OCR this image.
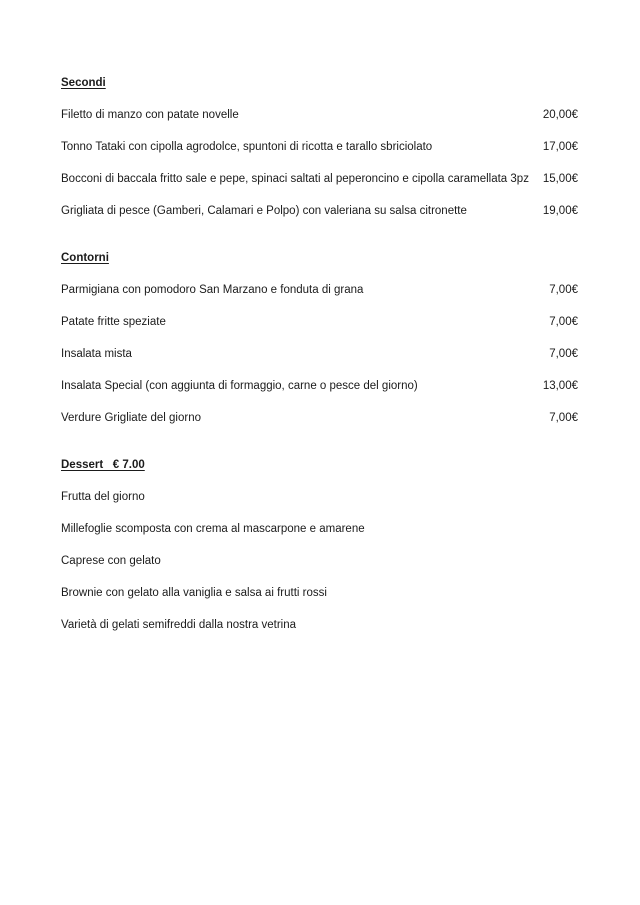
Secondi
Filetto di manzo con patate novelle	20,00€
Tonno Tataki con cipolla agrodolce, spuntoni di ricotta e tarallo sbriciolato	17,00€
Bocconi di baccala fritto sale e pepe, spinaci saltati al peperoncino e cipolla caramellata 3pz 15,00€
Grigliata di pesce (Gamberi, Calamari e Polpo) con valeriana su salsa citronette	19,00€
Contorni
Parmigiana con pomodoro San Marzano e fonduta di grana	7,00€
Patate fritte speziate	7,00€
Insalata mista	7,00€
Insalata Special (con aggiunta di formaggio, carne o pesce del giorno)	13,00€
Verdure Grigliate del giorno	7,00€
Dessert   € 7.00
Frutta del giorno
Millefoglie scomposta con crema al mascarpone e amarene
Caprese con gelato
Brownie con gelato alla vaniglia e salsa ai frutti rossi
Varietà di gelati semifreddi dalla nostra vetrina
